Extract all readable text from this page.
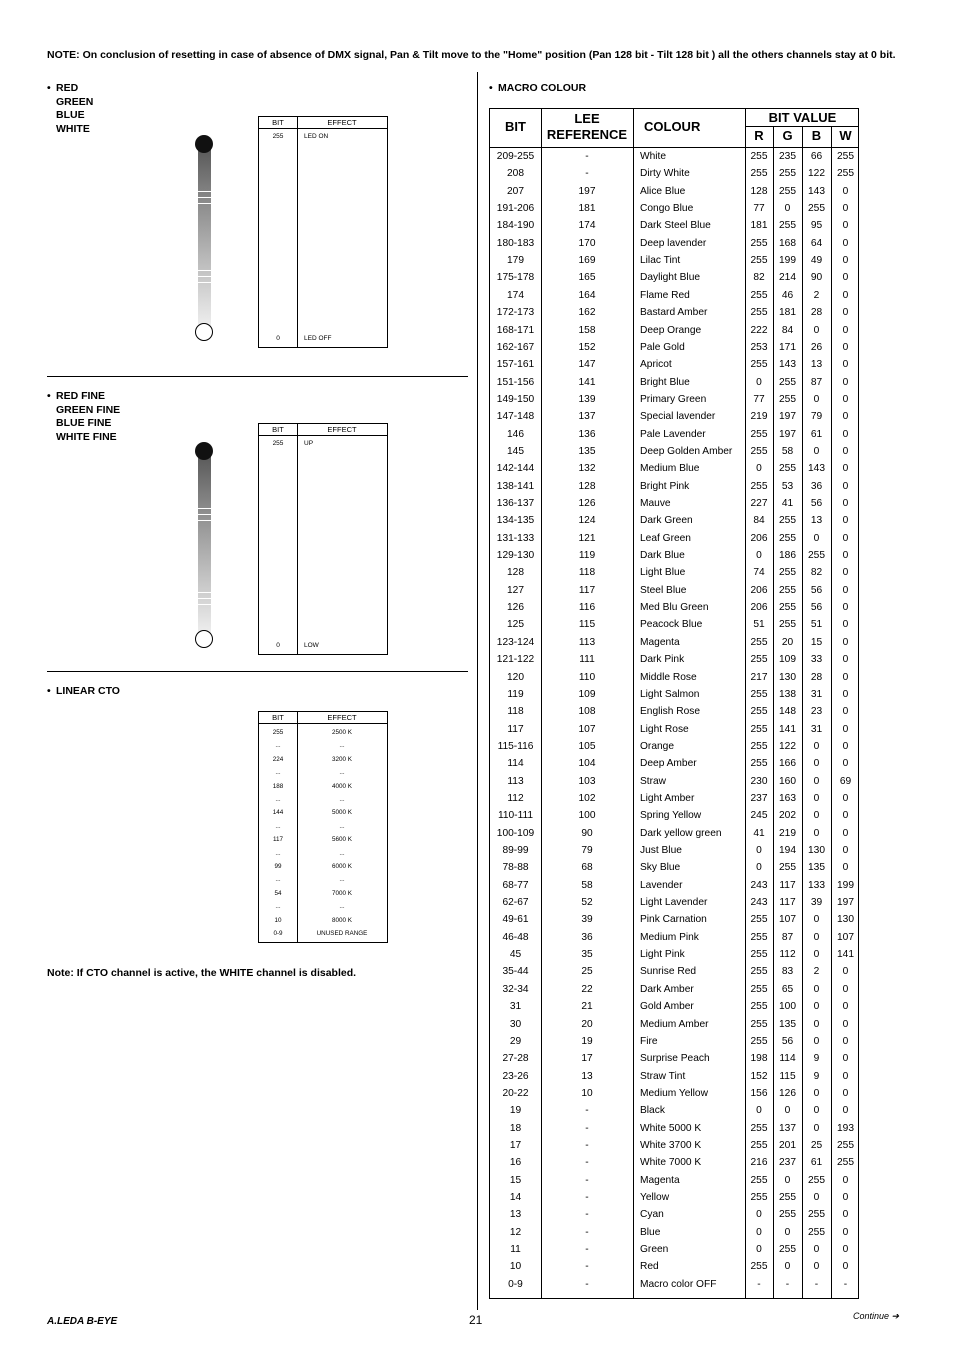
NOTE: On conclusion of resetting in case of absence of DMX signal, Pan & Tilt move to the "Home" position (Pan 128 bit - Tilt 128 bit ) all the others channels stay at 0 bit.
• RED
GREEN
BLUE
WHITE	BIT	EFFECT
255	LED ON
0	LED OFF
• RED FINE
GREEN FINE
BLUE FINE
WHITE FINE
BIT	EFFECT
255	UP
0	LOW
• LINEAR CTO
BIT	EFFECT
255	2500 K
...	...
224	3200 K
...	...
188	4000 K
...	...
144	5000 K
...	...
117	5600 K
...	...
99	6000 K
...	...
54	7000 K
...	...
10	8000 K
0-9	UNUSED RANGE
Note: If CTO channel is active, the WHITE channel is disabled.
• MACRO COLOUR
BIT
LEE
REFERENCE
COLOUR
BIT VALUE
R	G	B	W
209-255	-	White	255	235	66	255
208	-	Dirty White	255	255	122	255
207	197	Alice Blue	128	255	143	0
191-206	181	Congo Blue	77	0	255	0
184-190	174	Dark Steel Blue	181	255	95	0
180-183	170	Deep lavender	255	168	64	0
179	169	Lilac Tint	255	199	49	0
175-178	165	Daylight Blue	82	214	90	0
174	164	Flame Red	255	46	2	0
172-173	162	Bastard Amber	255	181	28	0
168-171	158	Deep Orange	222	84	0	0
162-167	152	Pale Gold	253	171	26	0
157-161	147	Apricot	255	143	13	0
151-156	141	Bright Blue	0	255	87	0
149-150	139	Primary Green	77	255	0	0
147-148	137	Special lavender	219	197	79	0
146	136	Pale Lavender	255	197	61	0
145	135	Deep Golden Amber	255	58	0	0
142-144	132	Medium Blue	0	255	143	0
138-141	128	Bright Pink	255	53	36	0
136-137	126	Mauve	227	41	56	0
134-135	124	Dark Green	84	255	13	0
131-133	121	Leaf Green	206	255	0	0
129-130	119	Dark Blue	0	186	255	0
128	118	Light Blue	74	255	82	0
127	117	Steel Blue	206	255	56	0
126	116	Med Blu Green	206	255	56	0
125	115	Peacock Blue	51	255	51	0
123-124	113	Magenta	255	20	15	0
121-122	111	Dark Pink	255	109	33	0
120	110	Middle Rose	217	130	28	0
119	109	Light Salmon	255	138	31	0
118	108	English Rose	255	148	23	0
117	107	Light Rose	255	141	31	0
115-116	105	Orange	255	122	0	0
114	104	Deep Amber	255	166	0	0
113	103	Straw	230	160	0	69
112	102	Light Amber	237	163	0	0
110-111	100	Spring Yellow	245	202	0	0
100-109	90	Dark yellow green	41	219	0	0
89-99	79	Just Blue	0	194	130	0
78-88	68	Sky Blue	0	255	135	0
68-77	58	Lavender	243	117	133	199
62-67	52	Light Lavender	243	117	39	197
49-61	39	Pink Carnation	255	107	0	130
46-48	36	Medium Pink	255	87	0	107
45	35	Light Pink	255	112	0	141
35-44	25	Sunrise Red	255	83	2	0
32-34	22	Dark Amber	255	65	0	0
31	21	Gold Amber	255	100	0	0
30	20	Medium Amber	255	135	0	0
29	19	Fire	255	56	0	0
27-28	17	Surprise Peach	198	114	9	0
23-26	13	Straw Tint	152	115	9	0
20-22	10	Medium Yellow	156	126	0	0
19	-	Black	0	0	0	0
18	-	White 5000 K	255	137	0	193
17	-	White 3700 K	255	201	25	255
16	-	White 7000 K	216	237	61	255
15	-	Magenta	255	0	255	0
14	-	Yellow	255	255	0	0
13	-	Cyan	0	255	255	0
12	-	Blue	0	0	255	0
11	-	Green	0	255	0	0
10	-	Red	255	0	0	0
0-9	-	Macro color OFF	-	-	-	-
A.LEDA B-EYE	21	Continue ➔
